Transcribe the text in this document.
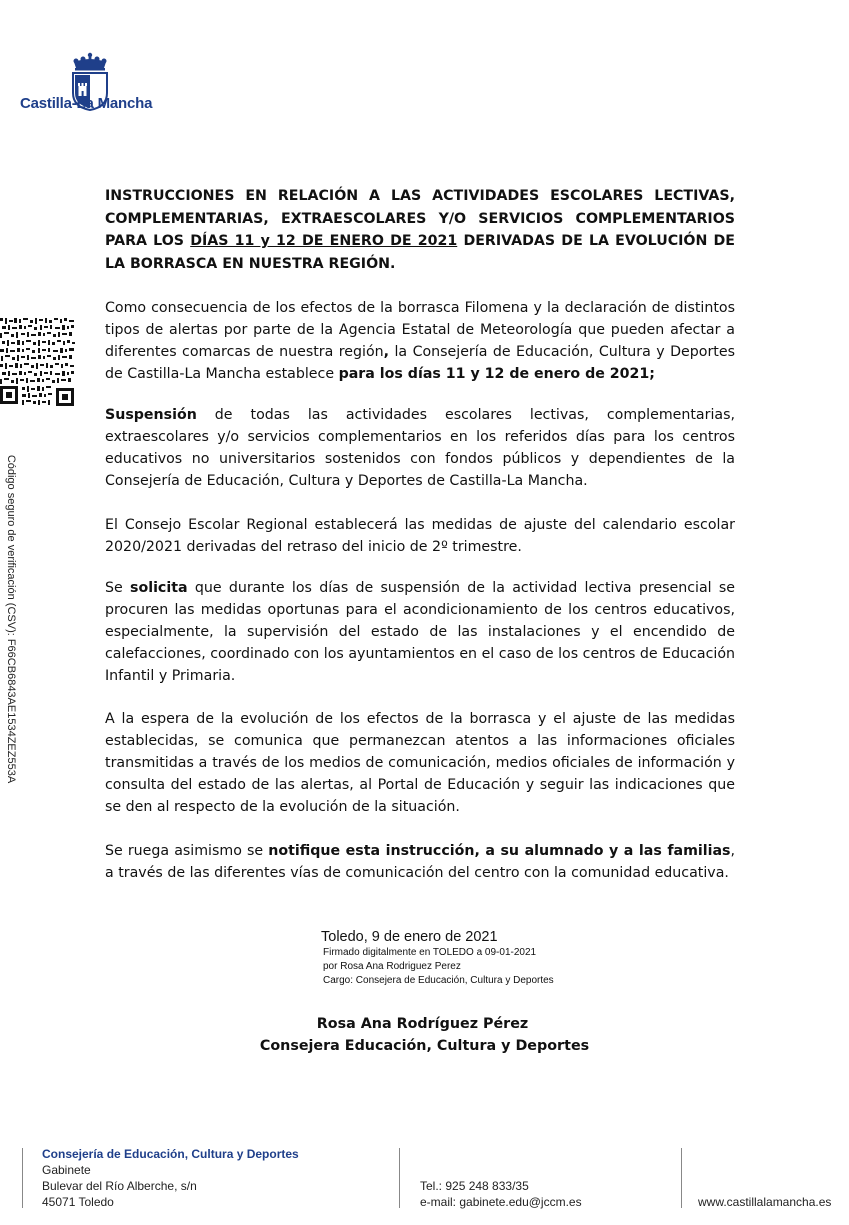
Castilla-La Mancha
Código seguro de verificación (CSV): F66CB6843AE1534ZEZ553A
INSTRUCCIONES EN RELACIÓN A LAS ACTIVIDADES ESCOLARES LECTIVAS, COMPLEMENTARIAS, EXTRAESCOLARES Y/O SERVICIOS COMPLEMENTARIOS PARA LOS DÍAS 11 y 12 DE ENERO DE 2021 DERIVADAS DE LA EVOLUCIÓN DE LA BORRASCA EN NUESTRA REGIÓN.

Como consecuencia de los efectos de la borrasca Filomena y la declaración de distintos tipos de alertas por parte de la Agencia Estatal de Meteorología que pueden afectar a diferentes comarcas de nuestra región, la Consejería de Educación, Cultura y Deportes de Castilla-La Mancha establece para los días 11 y 12 de enero de 2021;

Suspensión de todas las actividades escolares lectivas, complementarias, extraescolares y/o servicios complementarios en los referidos días para los centros educativos no universitarios sostenidos con fondos públicos y dependientes de la Consejería de Educación, Cultura y Deportes de Castilla-La Mancha.

El Consejo Escolar Regional establecerá las medidas de ajuste del calendario escolar 2020/2021 derivadas del retraso del inicio de 2º trimestre.

Se solicita que durante los días de suspensión de la actividad lectiva presencial se procuren las medidas oportunas para el acondicionamiento de los centros educativos, especialmente, la supervisión del estado de las instalaciones y el encendido de calefacciones, coordinado con los ayuntamientos en el caso de los centros de Educación Infantil y Primaria.

A la espera de la evolución de los efectos de la borrasca y el ajuste de las medidas establecidas, se comunica que permanezcan atentos a las informaciones oficiales transmitidas a través de los medios de comunicación, medios oficiales de información y consulta del estado de las alertas, al Portal de Educación y seguir las indicaciones que se den al respecto de la evolución de la situación.

Se ruega asimismo se notifique esta instrucción, a su alumnado y a las familias, a través de las diferentes vías de comunicación del centro con la comunidad educativa.

Toledo, 9 de enero de 2021
Firmado digitalmente en TOLEDO a 09-01-2021
por Rosa Ana Rodriguez Perez
Cargo: Consejera de Educación, Cultura y Deportes
Rosa Ana Rodríguez Pérez
Consejera Educación, Cultura y Deportes
Consejería de Educación, Cultura y Deportes
Gabinete
Bulevar del Río Alberche, s/n
45071 Toledo
Tel.: 925 248 833/35
e-mail: gabinete.edu@jccm.es	www.castillalamancha.es
